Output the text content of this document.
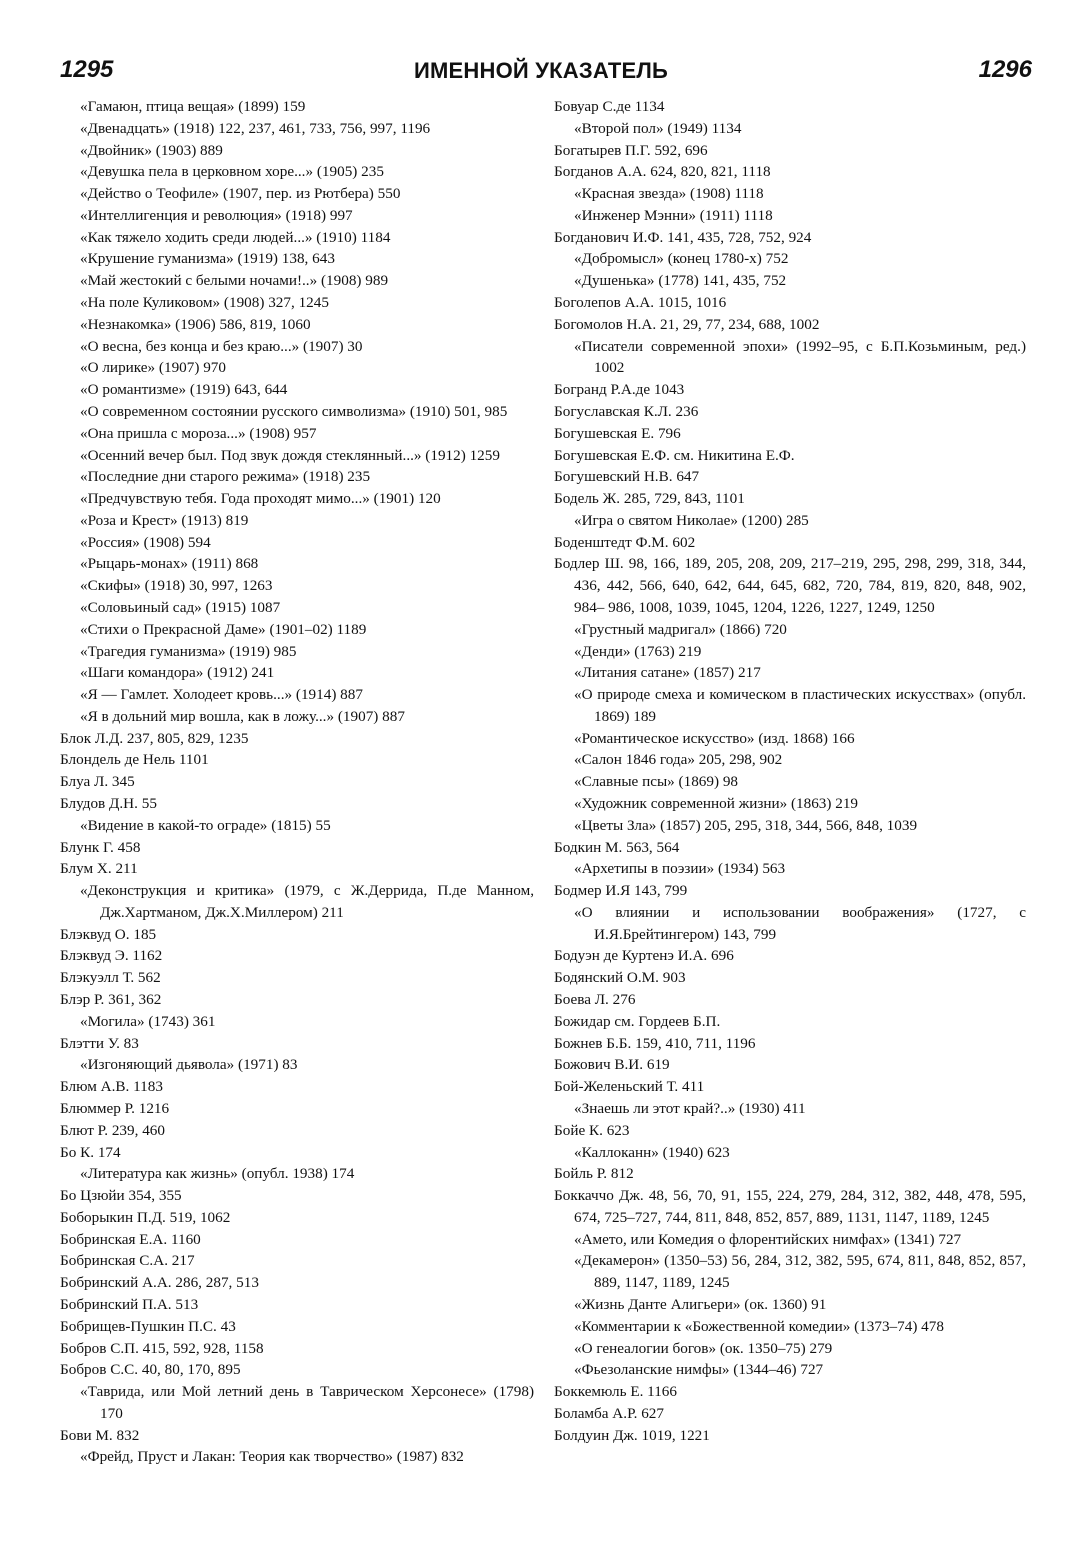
1295	ИМЕННОЙ УКАЗАТЕЛЬ	1296
«Гамаюн, птица вещая» (1899) 159
«Двенадцать» (1918) 122, 237, 461, 733, 756, 997, 1196
«Двойник» (1903) 889
«Девушка пела в церковном хоре...» (1905) 235
«Действо о Теофиле» (1907, пер. из Рютбера) 550
«Интеллигенция и революция» (1918) 997
«Как тяжело ходить среди людей...» (1910) 1184
«Крушение гуманизма» (1919) 138, 643
«Май жестокий с белыми ночами!..» (1908) 989
«На поле Куликовом» (1908) 327, 1245
«Незнакомка» (1906) 586, 819, 1060
«О весна, без конца и без краю...» (1907) 30
«О лирике» (1907) 970
«О романтизме» (1919) 643, 644
«О современном состоянии русского символизма» (1910) 501, 985
«Она пришла с мороза...» (1908) 957
«Осенний вечер был. Под звук дождя стеклянный...» (1912) 1259
«Последние дни старого режима» (1918) 235
«Предчувствую тебя. Года проходят мимо...» (1901) 120
«Роза и Крест» (1913) 819
«Россия» (1908) 594
«Рыцарь-монах» (1911) 868
«Скифы» (1918) 30, 997, 1263
«Соловьиный сад» (1915) 1087
«Стихи о Прекрасной Даме» (1901–02) 1189
«Трагедия гуманизма» (1919) 985
«Шаги командора» (1912) 241
«Я — Гамлет. Холодеет кровь...» (1914) 887
«Я в дольний мир вошла, как в ложу...» (1907) 887
Блок Л.Д. 237, 805, 829, 1235
Блондель де Нель 1101
Блуа Л. 345
Блудов Д.Н. 55
«Видение в какой-то ограде» (1815) 55
Блунк Г. 458
Блум Х. 211
«Деконструкция и критика» (1979, с Ж.Деррида, П.де Манном, Дж.Хартманом, Дж.Х.Миллером) 211
Блэквуд О. 185
Блэквуд Э. 1162
Блэкуэлл Т. 562
Блэр Р. 361, 362
«Могила» (1743) 361
Блэтти У. 83
«Изгоняющий дьявола» (1971) 83
Блюм А.В. 1183
Блюммер Р. 1216
Блют Р. 239, 460
Бо К. 174
«Литература как жизнь» (опубл. 1938) 174
Бо Цзюйи 354, 355
Боборыкин П.Д. 519, 1062
Бобринская Е.А. 1160
Бобринская С.А. 217
Бобринский А.А. 286, 287, 513
Бобринский П.А. 513
Бобрищев-Пушкин П.С. 43
Бобров С.П. 415, 592, 928, 1158
Бобров С.С. 40, 80, 170, 895
«Таврида, или Мой летний день в Таврическом Херсонесе» (1798) 170
Бови М. 832
«Фрейд, Пруст и Лакан: Теория как творчество» (1987) 832
Бовуар С.де 1134
«Второй пол» (1949) 1134
Богатырев П.Г. 592, 696
Богданов А.А. 624, 820, 821, 1118
«Красная звезда» (1908) 1118
«Инженер Мэнни» (1911) 1118
Богданович И.Ф. 141, 435, 728, 752, 924
«Добромысл» (конец 1780-х) 752
«Душенька» (1778) 141, 435, 752
Боголепов А.А. 1015, 1016
Богомолов Н.А. 21, 29, 77, 234, 688, 1002
«Писатели современной эпохи» (1992–95, с Б.П.Козьминым, ред.) 1002
Богранд Р.А.де 1043
Богуславская К.Л. 236
Богушевская Е. 796
Богушевская Е.Ф. см. Никитина Е.Ф.
Богушевский Н.В. 647
Бодель Ж. 285, 729, 843, 1101
«Игра о святом Николае» (1200) 285
Боденштедт Ф.М. 602
Бодлер Ш. 98, 166, 189, 205, 208, 209, 217–219, 295, 298, 299, 318, 344, 436, 442, 566, 640, 642, 644, 645, 682, 720, 784, 819, 820, 848, 902, 984– 986, 1008, 1039, 1045, 1204, 1226, 1227, 1249, 1250
«Грустный мадригал» (1866) 720
«Денди» (1763) 219
«Литания сатане» (1857) 217
«О природе смеха и комическом в пластических искусствах» (опубл. 1869) 189
«Романтическое искусство» (изд. 1868) 166
«Салон 1846 года» 205, 298, 902
«Славные псы» (1869) 98
«Художник современной жизни» (1863) 219
«Цветы Зла» (1857) 205, 295, 318, 344, 566, 848, 1039
Бодкин М. 563, 564
«Архетипы в поэзии» (1934) 563
Бодмер И.Я 143, 799
«О влиянии и использовании воображения» (1727, с И.Я.Брейтингером) 143, 799
Бодуэн де Куртенэ И.А. 696
Бодянский О.М. 903
Боева Л. 276
Божидар см. Гордеев Б.П.
Божнев Б.Б. 159, 410, 711, 1196
Божович В.И. 619
Бой-Желеньский Т. 411
«Знаешь ли этот край?..» (1930) 411
Бойе К. 623
«Каллоканн» (1940) 623
Бойль Р. 812
Боккаччо Дж. 48, 56, 70, 91, 155, 224, 279, 284, 312, 382, 448, 478, 595, 674, 725–727, 744, 811, 848, 852, 857, 889, 1131, 1147, 1189, 1245
«Амето, или Комедия о флорентийских нимфах» (1341) 727
«Декамерон» (1350–53) 56, 284, 312, 382, 595, 674, 811, 848, 852, 857, 889, 1147, 1189, 1245
«Жизнь Данте Алигьери» (ок. 1360) 91
«Комментарии к «Божественной комедии» (1373–74) 478
«О генеалогии богов» (ок. 1350–75) 279
«Фьезоланские нимфы» (1344–46) 727
Боккемюль Е. 1166
Боламба А.Р. 627
Болдуин Дж. 1019, 1221
